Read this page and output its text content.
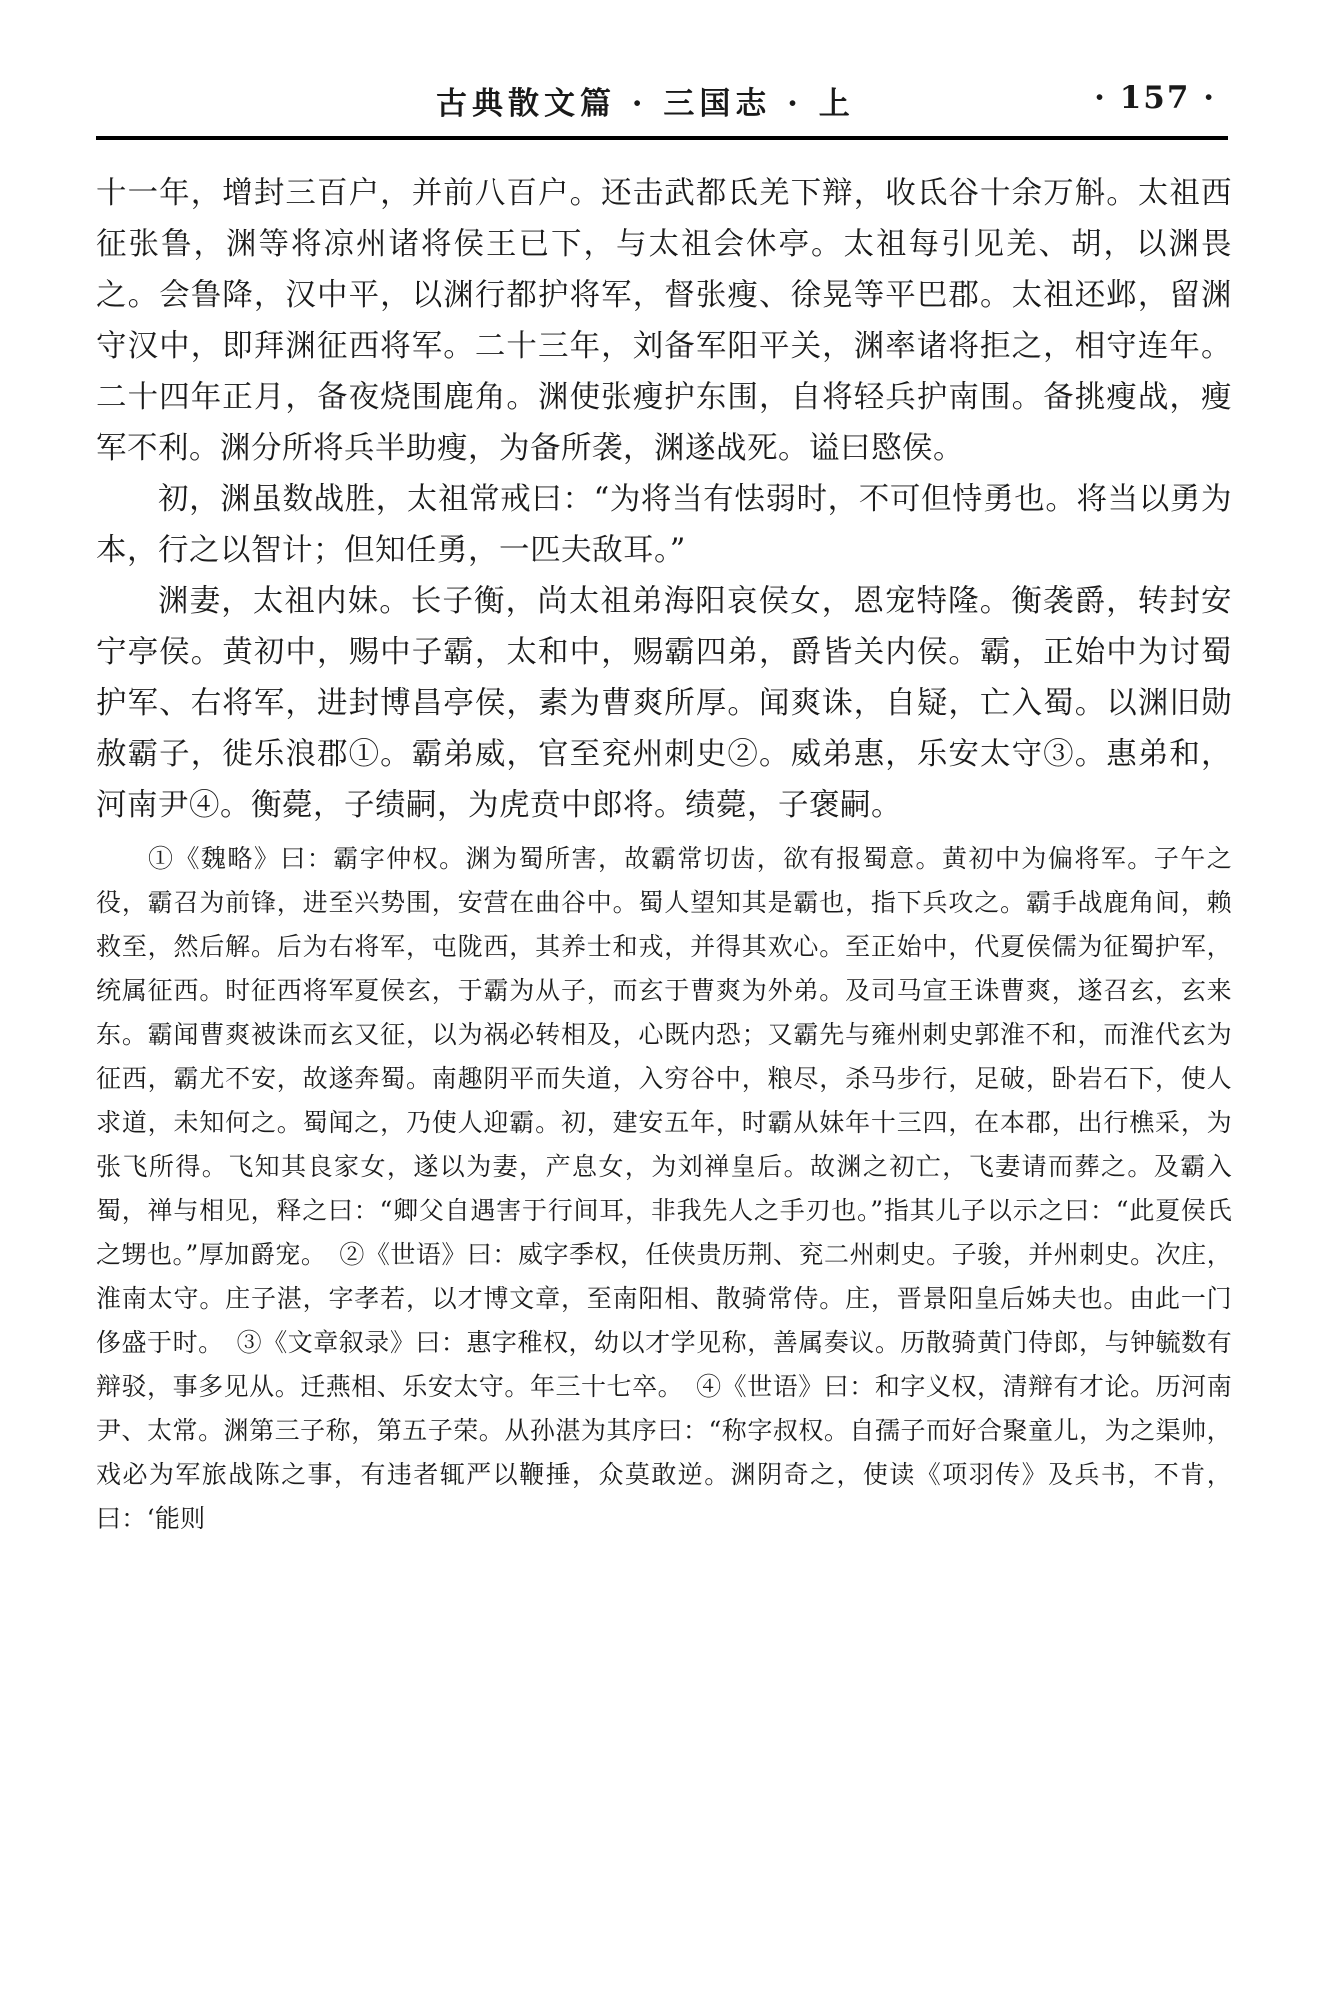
古典散文篇 · 三国志 · 上	· 157 ·

十一年，增封三百户，并前八百户。还击武都氐羌下辩，收氐谷十余万斛。太祖西征张鲁，渊等将凉州诸将侯王已下，与太祖会休亭。太祖每引见羌、胡，以渊畏之。会鲁降，汉中平，以渊行都护将军，督张瘦、徐晃等平巴郡。太祖还邺，留渊守汉中，即拜渊征西将军。二十三年，刘备军阳平关，渊率诸将拒之，相守连年。二十四年正月，备夜烧围鹿角。渊使张瘦护东围，自将轻兵护南围。备挑瘦战，瘦军不利。渊分所将兵半助瘦，为备所袭，渊遂战死。谥曰愍侯。

初，渊虽数战胜，太祖常戒曰：“为将当有怯弱时，不可但恃勇也。将当以勇为本，行之以智计；但知任勇，一匹夫敌耳。”

渊妻，太祖内妹。长子衡，尚太祖弟海阳哀侯女，恩宠特隆。衡袭爵，转封安宁亭侯。黄初中，赐中子霸，太和中，赐霸四弟，爵皆关内侯。霸，正始中为讨蜀护军、右将军，进封博昌亭侯，素为曹爽所厚。闻爽诛，自疑，亡入蜀。以渊旧勋赦霸子，徙乐浪郡①。霸弟威，官至兖州刺史②。威弟惠，乐安太守③。惠弟和，河南尹④。衡薨，子绩嗣，为虎贲中郎将。绩薨，子褒嗣。

①《魏略》曰：霸字仲权。渊为蜀所害，故霸常切齿，欲有报蜀意。黄初中为偏将军。子午之役，霸召为前锋，进至兴势围，安营在曲谷中。蜀人望知其是霸也，指下兵攻之。霸手战鹿角间，赖救至，然后解。后为右将军，屯陇西，其养士和戎，并得其欢心。至正始中，代夏侯儒为征蜀护军，统属征西。时征西将军夏侯玄，于霸为从子，而玄于曹爽为外弟。及司马宣王诛曹爽，遂召玄，玄来东。霸闻曹爽被诛而玄又征，以为祸必转相及，心既内恐；又霸先与雍州刺史郭淮不和，而淮代玄为征西，霸尤不安，故遂奔蜀。南趣阴平而失道，入穷谷中，粮尽，杀马步行，足破，卧岩石下，使人求道，未知何之。蜀闻之，乃使人迎霸。初，建安五年，时霸从妹年十三四，在本郡，出行樵采，为张飞所得。飞知其良家女，遂以为妻，产息女，为刘禅皇后。故渊之初亡，飞妻请而葬之。及霸入蜀，禅与相见，释之曰：“卿父自遇害于行间耳，非我先人之手刃也。”指其儿子以示之曰：“此夏侯氏之甥也。”厚加爵宠。　②《世语》曰：威字季权，任侠贵历荆、兖二州刺史。子骏，并州刺史。次庄，淮南太守。庄子湛，字孝若，以才博文章，至南阳相、散骑常侍。庄，晋景阳皇后姊夫也。由此一门侈盛于时。　③《文章叙录》曰：惠字稚权，幼以才学见称，善属奏议。历散骑黄门侍郎，与钟毓数有辩驳，事多见从。迁燕相、乐安太守。年三十七卒。　④《世语》曰：和字义权，清辩有才论。历河南尹、太常。渊第三子称，第五子荣。从孙湛为其序曰：“称字叔权。自孺子而好合聚童儿，为之渠帅，戏必为军旅战陈之事，有违者辄严以鞭捶，众莫敢逆。渊阴奇之，使读《项羽传》及兵书，不肯，曰：‘能则
